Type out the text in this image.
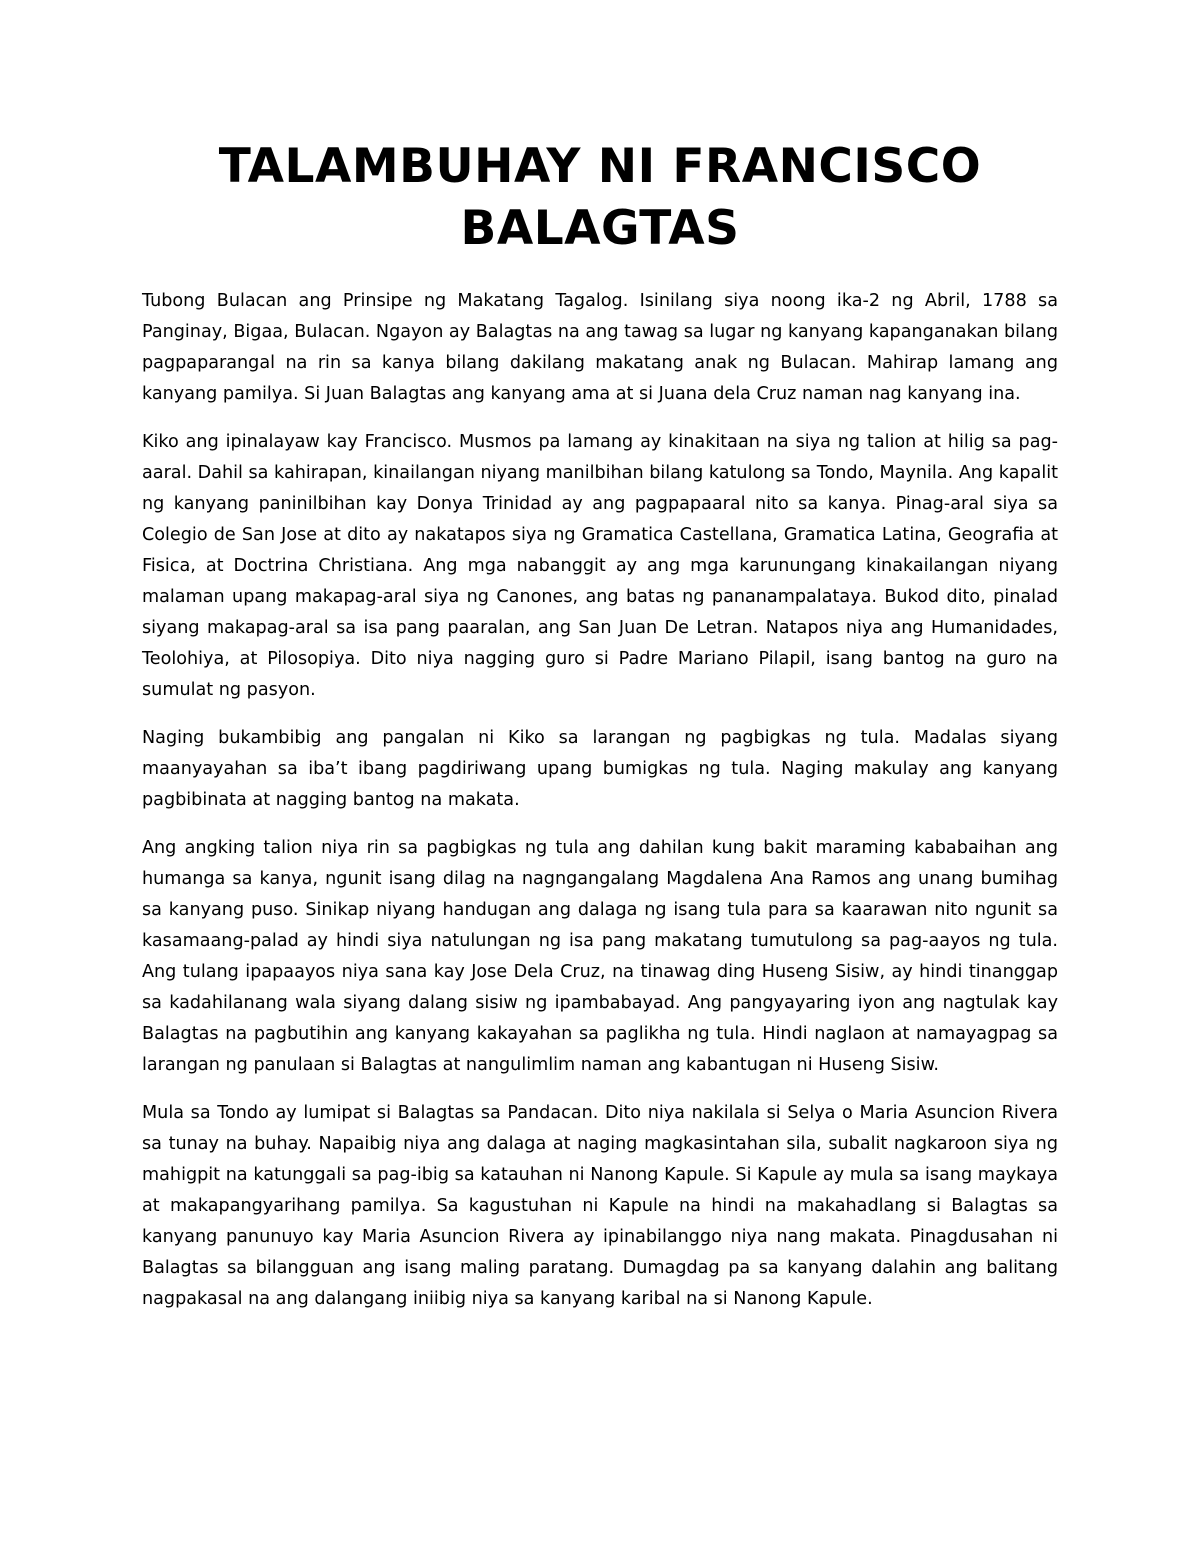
TALAMBUHAY NI FRANCISCO BALAGTAS

Tubong Bulacan ang Prinsipe ng Makatang Tagalog. Isinilang siya noong ika-2 ng Abril, 1788 sa Panginay, Bigaa, Bulacan. Ngayon ay Balagtas na ang tawag sa lugar ng kanyang kapanganakan bilang pagpaparangal na rin sa kanya bilang dakilang makatang anak ng Bulacan. Mahirap lamang ang kanyang pamilya. Si Juan Balagtas ang kanyang ama at si Juana dela Cruz naman nag kanyang ina.

Kiko ang ipinalayaw kay Francisco. Musmos pa lamang ay kinakitaan na siya ng talion at hilig sa pag-aaral. Dahil sa kahirapan, kinailangan niyang manilbihan bilang katulong sa Tondo, Maynila. Ang kapalit ng kanyang paninilbihan kay Donya Trinidad ay ang pagpapaaral nito sa kanya. Pinag-aral siya sa Colegio de San Jose at dito ay nakatapos siya ng Gramatica Castellana, Gramatica Latina, Geografia at Fisica, at Doctrina Christiana. Ang mga nabanggit ay ang mga karunungang kinakailangan niyang malaman upang makapag-aral siya ng Canones, ang batas ng pananampalataya. Bukod dito, pinalad siyang makapag-aral sa isa pang paaralan, ang San Juan De Letran. Natapos niya ang Humanidades, Teolohiya, at Pilosopiya. Dito niya nagging guro si Padre Mariano Pilapil, isang bantog na guro na sumulat ng pasyon.

Naging bukambibig ang pangalan ni Kiko sa larangan ng pagbigkas ng tula. Madalas siyang maanyayahan sa iba’t ibang pagdiriwang upang bumigkas ng tula. Naging makulay ang kanyang pagbibinata at nagging bantog na makata.

Ang angking talion niya rin sa pagbigkas ng tula ang dahilan kung bakit maraming kababaihan ang humanga sa kanya, ngunit isang dilag na nagngangalang Magdalena Ana Ramos ang unang bumihag sa kanyang puso. Sinikap niyang handugan ang dalaga ng isang tula para sa kaarawan nito ngunit sa kasamaang-palad ay hindi siya natulungan ng isa pang makatang tumutulong sa pag-aayos ng tula. Ang tulang ipapaayos niya sana kay Jose Dela Cruz, na tinawag ding Huseng Sisiw, ay hindi tinanggap sa kadahilanang wala siyang dalang sisiw ng ipambabayad. Ang pangyayaring iyon ang nagtulak kay Balagtas na pagbutihin ang kanyang kakayahan sa paglikha ng tula. Hindi naglaon at namayagpag sa larangan ng panulaan si Balagtas at nangulimlim naman ang kabantugan ni Huseng Sisiw.

Mula sa Tondo ay lumipat si Balagtas sa Pandacan. Dito niya nakilala si Selya o Maria Asuncion Rivera sa tunay na buhay. Napaibig niya ang dalaga at naging magkasintahan sila, subalit nagkaroon siya ng mahigpit na katunggali sa pag-ibig sa katauhan ni Nanong Kapule. Si Kapule ay mula sa isang maykaya at makapangyarihang pamilya. Sa kagustuhan ni Kapule na hindi na makahadlang si Balagtas sa kanyang panunuyo kay Maria Asuncion Rivera ay ipinabilanggo niya nang makata. Pinagdusahan ni Balagtas sa bilangguan ang isang maling paratang. Dumagdag pa sa kanyang dalahin ang balitang nagpakasal na ang dalangang iniibig niya sa kanyang karibal na si Nanong Kapule.
